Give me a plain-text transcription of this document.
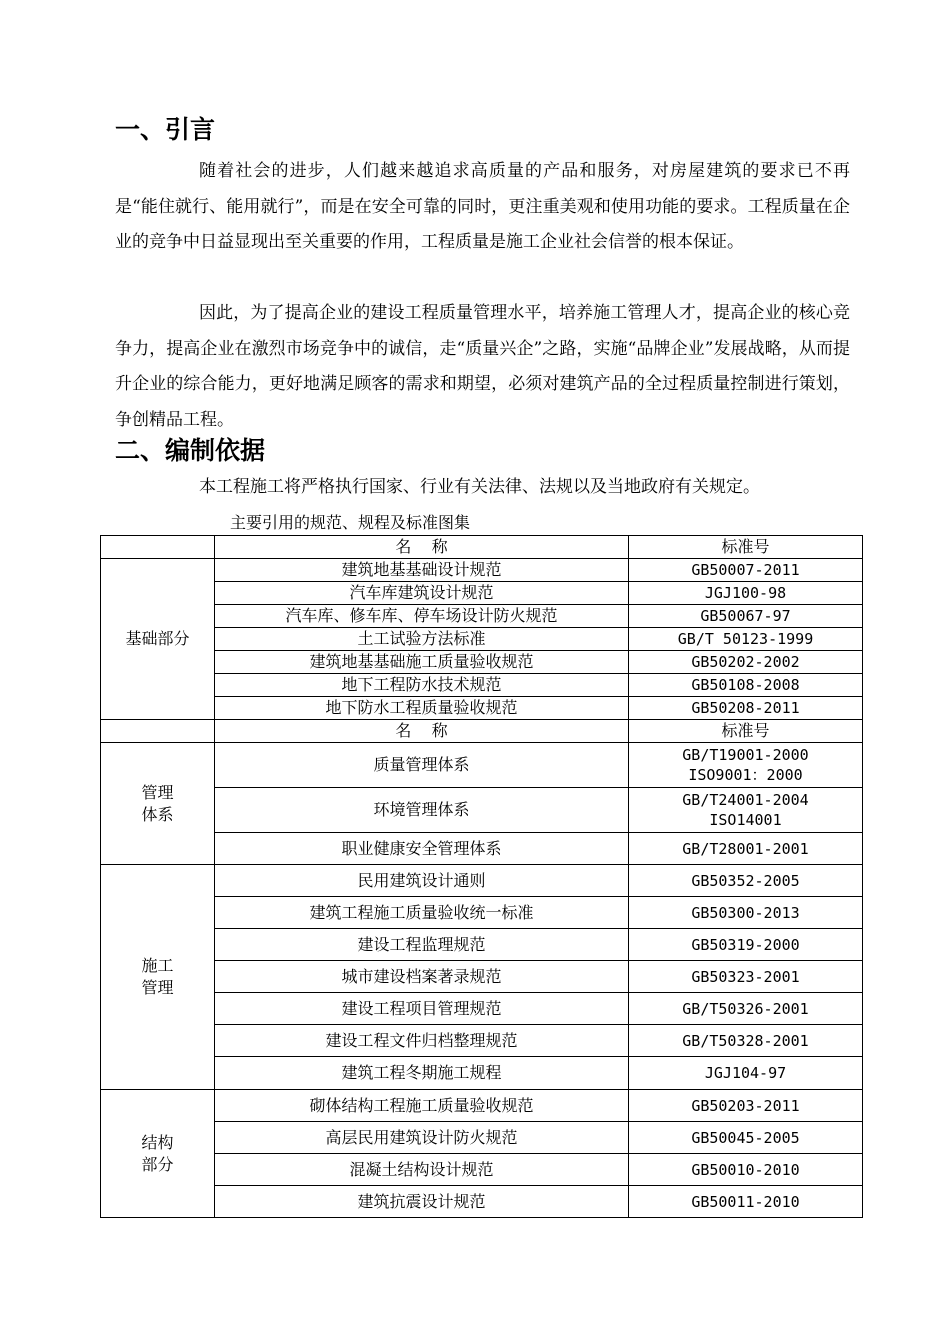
一、引言

随着社会的进步，人们越来越追求高质量的产品和服务，对房屋建筑的要求已不再是“能住就行、能用就行”，而是在安全可靠的同时，更注重美观和使用功能的要求。工程质量在企业的竞争中日益显现出至关重要的作用，工程质量是施工企业社会信誉的根本保证。

因此，为了提高企业的建设工程质量管理水平，培养施工管理人才，提高企业的核心竞争力，提高企业在激烈市场竞争中的诚信，走“质量兴企”之路，实施“品牌企业”发展战略，从而提升企业的综合能力，更好地满足顾客的需求和期望，必须对建筑产品的全过程质量控制进行策划，争创精品工程。

二、编制依据

本工程施工将严格执行国家、行业有关法律、法规以及当地政府有关规定。

主要引用的规范、规程及标准图集

	名    称	标准号
基础部分	建筑地基基础设计规范	GB50007-2011
	汽车库建筑设计规范	JGJ100-98
	汽车库、修车库、停车场设计防火规范	GB50067-97
	土工试验方法标准	GB/T 50123-1999
	建筑地基基础施工质量验收规范	GB50202-2002
	地下工程防水技术规范	GB50108-2008
	地下防水工程质量验收规范	GB50208-2011
	名    称	标准号
管理
体系	质量管理体系	GB/T19001-2000
ISO9001：2000
	环境管理体系	GB/T24001-2004
ISO14001
	职业健康安全管理体系	GB/T28001-2001
施工
管理	民用建筑设计通则	GB50352-2005
	建筑工程施工质量验收统一标准	GB50300-2013
	建设工程监理规范	GB50319-2000
	城市建设档案著录规范	GB50323-2001
	建设工程项目管理规范	GB/T50326-2001
	建设工程文件归档整理规范	GB/T50328-2001
	建筑工程冬期施工规程	JGJ104-97
结构
部分	砌体结构工程施工质量验收规范	GB50203-2011
	高层民用建筑设计防火规范	GB50045-2005
	混凝土结构设计规范	GB50010-2010
	建筑抗震设计规范	GB50011-2010
